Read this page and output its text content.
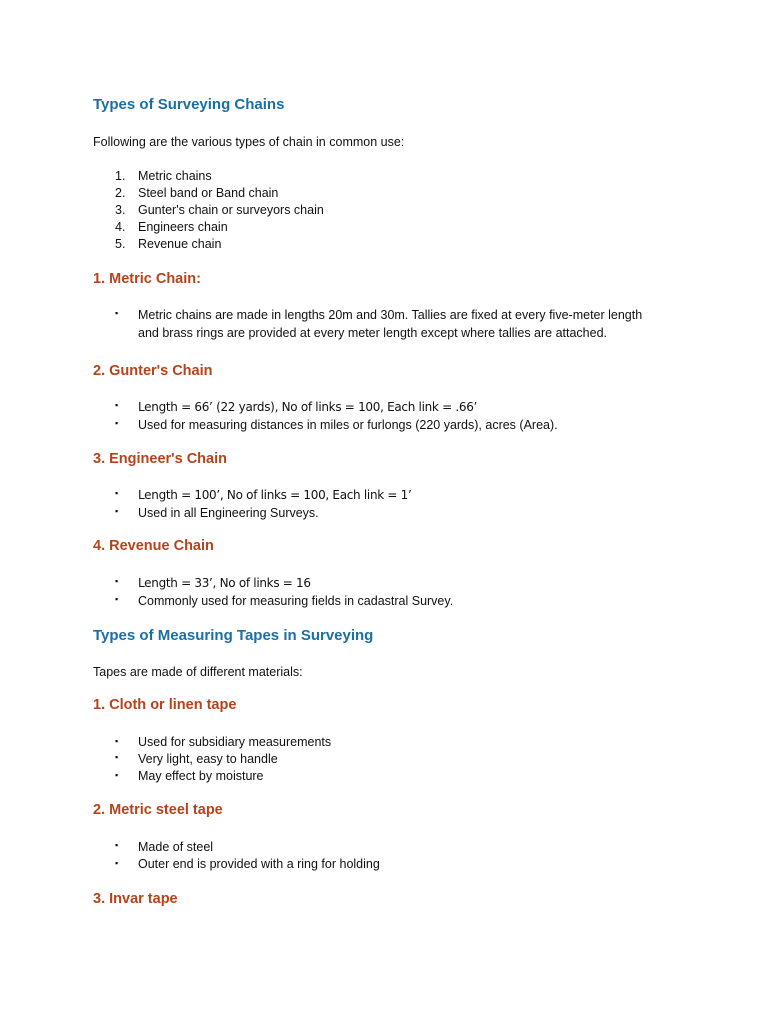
Types of Surveying Chains
Following are the various types of chain in common use:
1. Metric chains
2. Steel band or Band chain
3. Gunter's chain or surveyors chain
4. Engineers chain
5. Revenue chain
1. Metric Chain:
▪ Metric chains are made in lengths 20m and 30m. Tallies are fixed at every five-meter length
and brass rings are provided at every meter length except where tallies are attached.
2. Gunter's Chain
▪ Length = 66’ (22 yards), No of links = 100, Each link = .66’
▪ Used for measuring distances in miles or furlongs (220 yards), acres (Area).
3. Engineer's Chain
▪ Length = 100’, No of links = 100, Each link = 1’
▪ Used in all Engineering Surveys.
4. Revenue Chain
▪ Length = 33’, No of links = 16
▪ Commonly used for measuring fields in cadastral Survey.
Types of Measuring Tapes in Surveying
Tapes are made of different materials:
1. Cloth or linen tape
▪ Used for subsidiary measurements
▪ Very light, easy to handle
▪ May effect by moisture
2. Metric steel tape
▪ Made of steel
▪ Outer end is provided with a ring for holding
3. Invar tape
